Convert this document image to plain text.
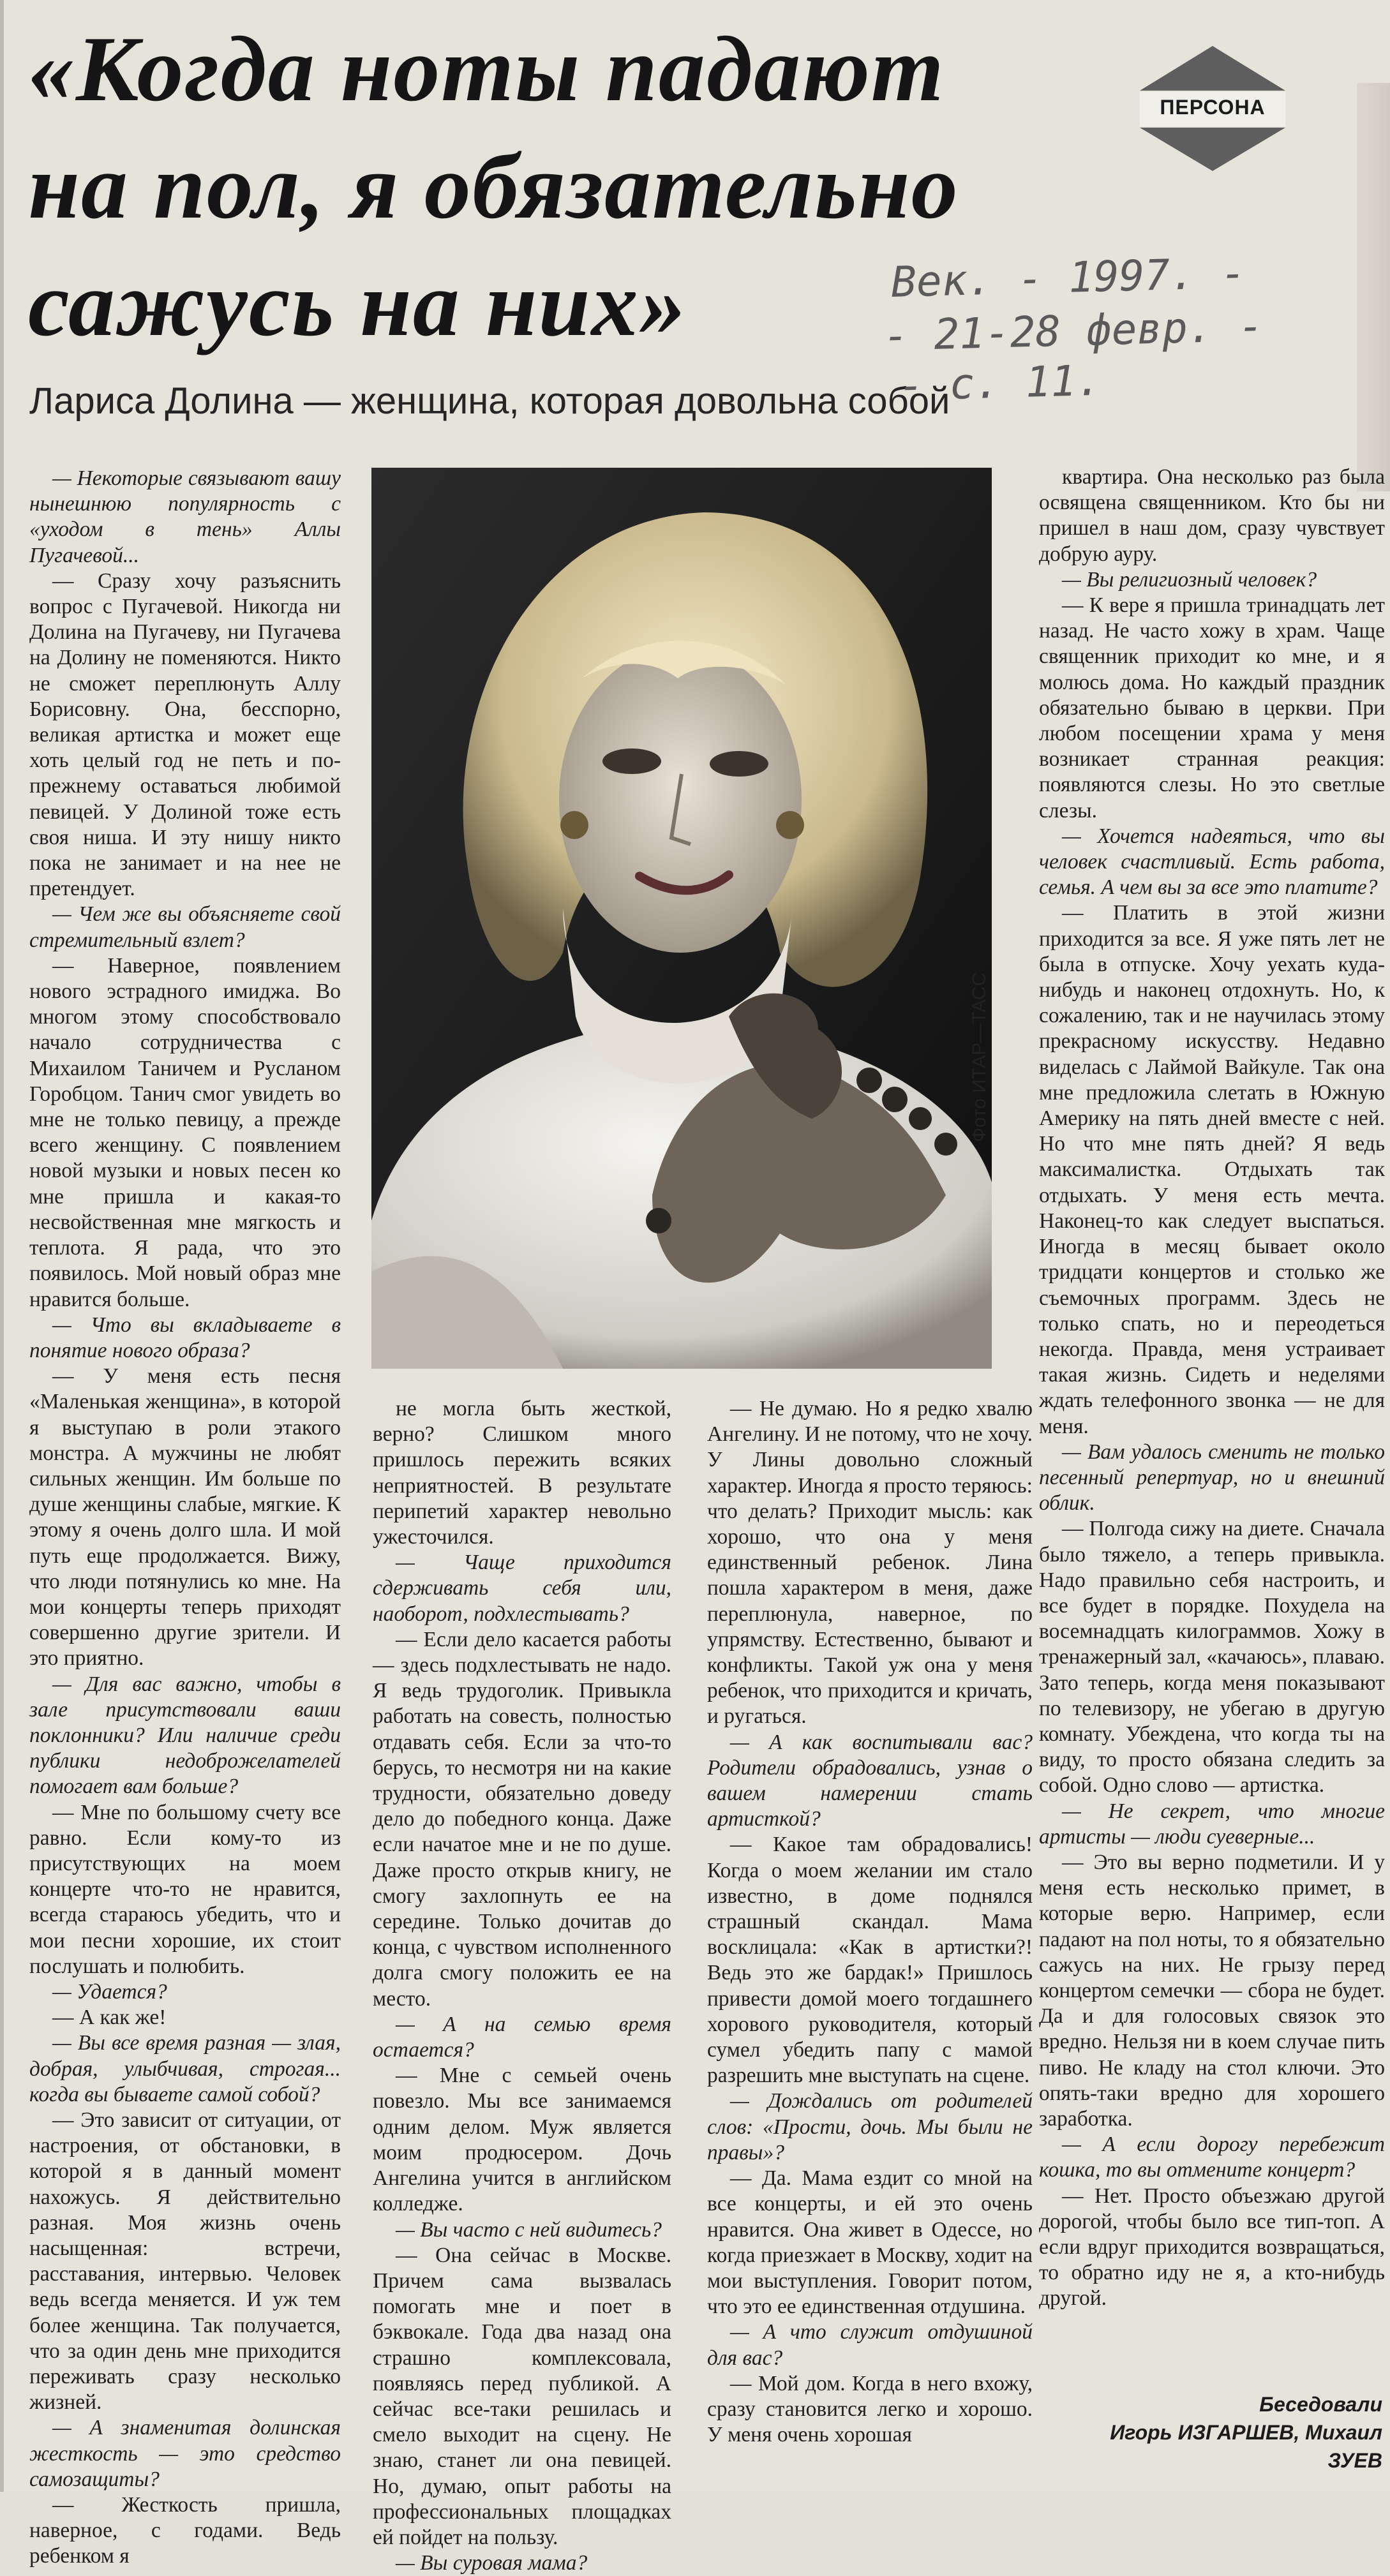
«Когда ноты падают
на пол, я обязательно
сажусь на них»
Лариса Долина — женщина, которая довольна собой
ПЕРСОНА
Век. - 1997. -
- 21-28 февр. -
- с. 11.

— Некоторые связывают вашу нынешнюю популярность с «уходом в тень» Аллы Пугачевой...

— Сразу хочу разъяснить вопрос с Пугачевой. Никогда ни Долина на Пугачеву, ни Пугачева на Долину не поменяются. Никто не сможет переплюнуть Аллу Борисовну. Она, бесспорно, великая артистка и может еще хоть целый год не петь и по-прежнему оставаться любимой певицей. У Долиной тоже есть своя ниша. И эту нишу никто пока не занимает и на нее не претендует.

— Чем же вы объясняете свой стремительный взлет?

— Наверное, появлением нового эстрадного имиджа. Во многом этому способствовало начало сотрудничества с Михаилом Таничем и Русланом Горобцом. Танич смог увидеть во мне не только певицу, а прежде всего женщину. С появлением новой музыки и новых песен ко мне пришла и какая-то несвойственная мне мягкость и теплота. Я рада, что это появилось. Мой новый образ мне нравится больше.

— Что вы вкладываете в понятие нового образа?

— У меня есть песня «Маленькая женщина», в которой я выступаю в роли этакого монстра. А мужчины не любят сильных женщин. Им больше по душе женщины слабые, мягкие. К этому я очень долго шла. И мой путь еще продолжается. Вижу, что люди потянулись ко мне. На мои концерты теперь приходят совершенно другие зрители. И это приятно.

— Для вас важно, чтобы в зале присутствовали ваши поклонники? Или наличие среди публики недоброжелателей помогает вам больше?

— Мне по большому счету все равно. Если кому-то из присутствующих на моем концерте что-то не нравится, всегда стараюсь убедить, что и мои песни хорошие, их стоит послушать и полюбить.

— Удается?

— А как же!

— Вы все время разная — злая, добрая, улыбчивая, строгая... когда вы бываете самой собой?

— Это зависит от ситуации, от настроения, от обстановки, в которой я в данный момент нахожусь. Я действительно разная. Моя жизнь очень насыщенная: встречи, расставания, интервью. Человек ведь всегда меняется. И уж тем более женщина. Так получается, что за один день мне приходится переживать сразу несколько жизней.

— А знаменитая долинская жесткость — это средство самозащиты?

— Жесткость пришла, наверное, с годами. Ведь ребенком я

Фото ИТАР—ТАСС

не могла быть жесткой, верно? Слишком много пришлось пережить всяких неприятностей. В результате перипетий характер невольно ужесточился.

— Чаще приходится сдерживать себя или, наоборот, подхлестывать?

— Если дело касается работы — здесь подхлестывать не надо. Я ведь трудоголик. Привыкла работать на совесть, полностью отдавать себя. Если за что-то берусь, то несмотря ни на какие трудности, обязательно доведу дело до победного конца. Даже если начатое мне и не по душе. Даже просто открыв книгу, не смогу захлопнуть ее на середине. Только дочитав до конца, с чувством исполненного долга смогу положить ее на место.

— А на семью время остается?

— Мне с семьей очень повезло. Мы все занимаемся одним делом. Муж является моим продюсером. Дочь Ангелина учится в английском колледже.

— Вы часто с ней видитесь?

— Она сейчас в Москве. Причем сама вызвалась помогать мне и поет в бэквокале. Года два назад она страшно комплексовала, появляясь перед публикой. А сейчас все-таки решилась и смело выходит на сцену. Не знаю, станет ли она певицей. Но, думаю, опыт работы на профессиональных площадках ей пойдет на пользу.

— Вы суровая мама?

— Не думаю. Но я редко хвалю Ангелину. И не потому, что не хочу. У Лины довольно сложный характер. Иногда я просто теряюсь: что делать? Приходит мысль: как хорошо, что она у меня единственный ребенок. Лина пошла характером в меня, даже переплюнула, наверное, по упрямству. Естественно, бывают и конфликты. Такой уж она у меня ребенок, что приходится и кричать, и ругаться.

— А как воспитывали вас? Родители обрадовались, узнав о вашем намерении стать артисткой?

— Какое там обрадовались! Когда о моем желании им стало известно, в доме поднялся страшный скандал. Мама восклицала: «Как в артистки?! Ведь это же бардак!» Пришлось привести домой моего тогдашнего хорового руководителя, который сумел убедить папу с мамой разрешить мне выступать на сцене.

— Дождались от родителей слов: «Прости, дочь. Мы были не правы»?

— Да. Мама ездит со мной на все концерты, и ей это очень нравится. Она живет в Одессе, но когда приезжает в Москву, ходит на мои выступления. Говорит потом, что это ее единственная отдушина.

— А что служит отдушиной для вас?

— Мой дом. Когда в него вхожу, сразу становится легко и хорошо. У меня очень хорошая

квартира. Она несколько раз была освящена священником. Кто бы ни пришел в наш дом, сразу чувствует добрую ауру.

— Вы религиозный человек?

— К вере я пришла тринадцать лет назад. Не часто хожу в храм. Чаще священник приходит ко мне, и я молюсь дома. Но каждый праздник обязательно бываю в церкви. При любом посещении храма у меня возникает странная реакция: появляются слезы. Но это светлые слезы.

— Хочется надеяться, что вы человек счастливый. Есть работа, семья. А чем вы за все это платите?

— Платить в этой жизни приходится за все. Я уже пять лет не была в отпуске. Хочу уехать куда-нибудь и наконец отдохнуть. Но, к сожалению, так и не научилась этому прекрасному искусству. Недавно виделась с Лаймой Вайкуле. Так она мне предложила слетать в Южную Америку на пять дней вместе с ней. Но что мне пять дней? Я ведь максималистка. Отдыхать так отдыхать. У меня есть мечта. Наконец-то как следует выспаться. Иногда в месяц бывает около тридцати концертов и столько же съемочных программ. Здесь не только спать, но и переодеться некогда. Правда, меня устраивает такая жизнь. Сидеть и неделями ждать телефонного звонка — не для меня.

— Вам удалось сменить не только песенный репертуар, но и внешний облик.

— Полгода сижу на диете. Сначала было тяжело, а теперь привыкла. Надо правильно себя настроить, и все будет в порядке. Похудела на восемнадцать килограммов. Хожу в тренажерный зал, «качаюсь», плаваю. Зато теперь, когда меня показывают по телевизору, не убегаю в другую комнату. Убеждена, что когда ты на виду, то просто обязана следить за собой. Одно слово — артистка.

— Не секрет, что многие артисты — люди суеверные...

— Это вы верно подметили. И у меня есть несколько примет, в которые верю. Например, если падают на пол ноты, то я обязательно сажусь на них. Не грызу перед концертом семечки — сбора не будет. Да и для голосовых связок это вредно. Нельзя ни в коем случае пить пиво. Не кладу на стол ключи. Это опять-таки вредно для хорошего заработка.

— А если дорогу перебежит кошка, то вы отмените концерт?

— Нет. Просто объезжаю другой дорогой, чтобы было все тип-топ. А если вдруг приходится возвращаться, то обратно иду не я, а кто-нибудь другой.

Беседовали
Игорь ИЗГАРШЕВ, Михаил ЗУЕВ
